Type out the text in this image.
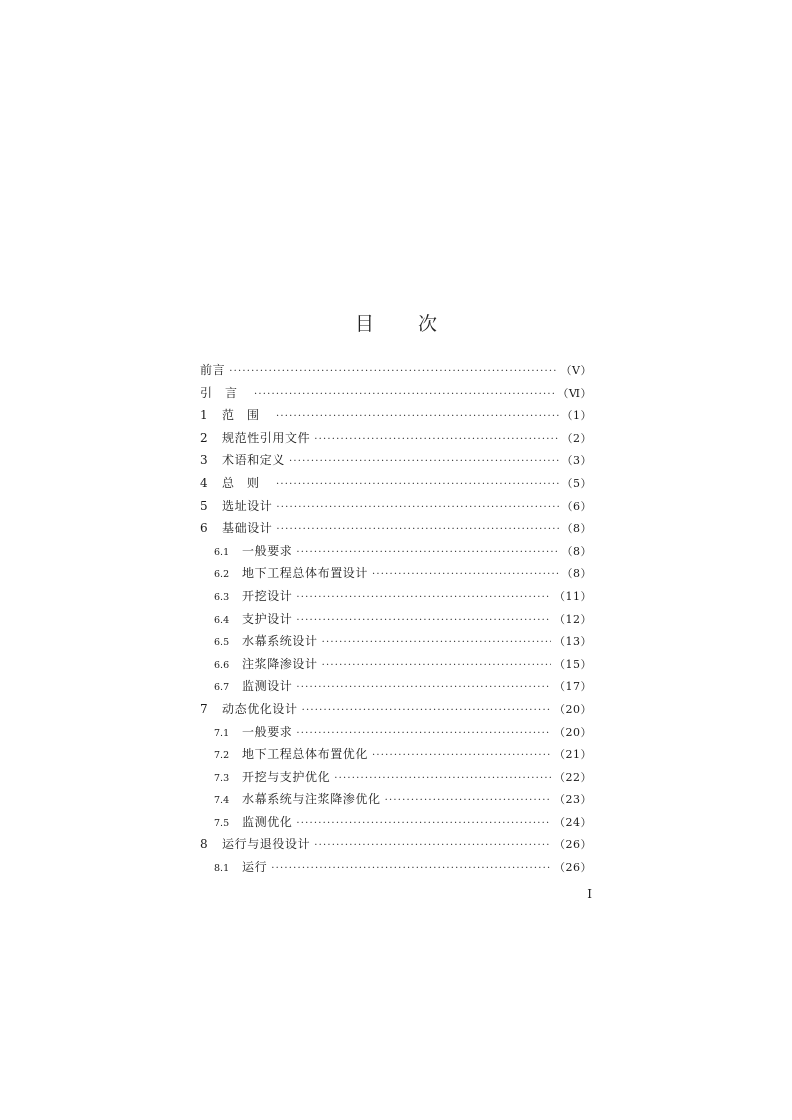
目次
前言 ·····	（Ⅴ）
引言 ·····	（Ⅵ）
1	范围 ·····	（1）
2	规范性引用文件 ·····	（2）
3	术语和定义 ·····	（3）
4	总则 ·····	（5）
5	选址设计 ·····	（6）
6	基础设计 ·····	（8）
6.1	一般要求 ·····	（8）
6.2	地下工程总体布置设计 ·····	（8）
6.3	开挖设计 ·····	（11）
6.4	支护设计 ·····	（12）
6.5	水幕系统设计 ·····	（13）
6.6	注浆降渗设计 ·····	（15）
6.7	监测设计 ·····	（17）
7	动态优化设计 ·····	（20）
7.1	一般要求 ·····	（20）
7.2	地下工程总体布置优化 ·····	（21）
7.3	开挖与支护优化 ·····	（22）
7.4	水幕系统与注浆降渗优化 ·····	（23）
7.5	监测优化 ·····	（24）
8	运行与退役设计 ·····	（26）
8.1	运行 ·····	（26）
I
